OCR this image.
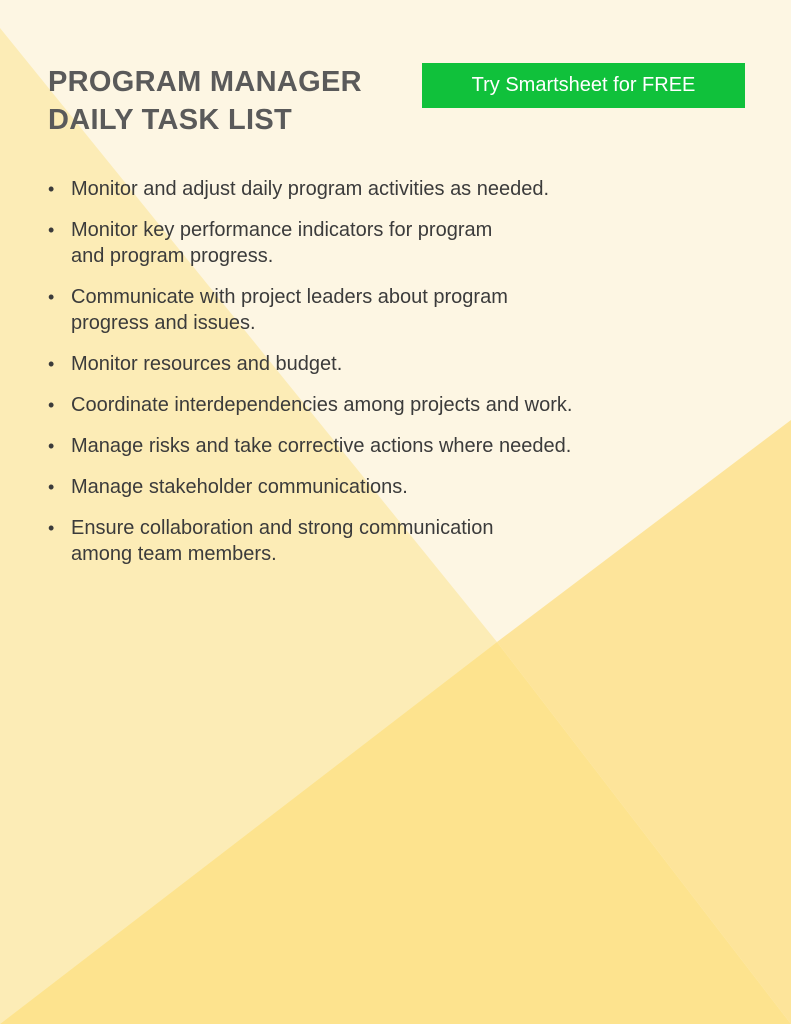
PROGRAM MANAGER
DAILY TASK LIST
Try Smartsheet for FREE
• Monitor and adjust daily program activities as needed.
• Monitor key performance indicators for program
and program progress.
• Communicate with project leaders about program
progress and issues.
• Monitor resources and budget.
• Coordinate interdependencies among projects and work.
• Manage risks and take corrective actions where needed.
• Manage stakeholder communications.
• Ensure collaboration and strong communication
among team members.
